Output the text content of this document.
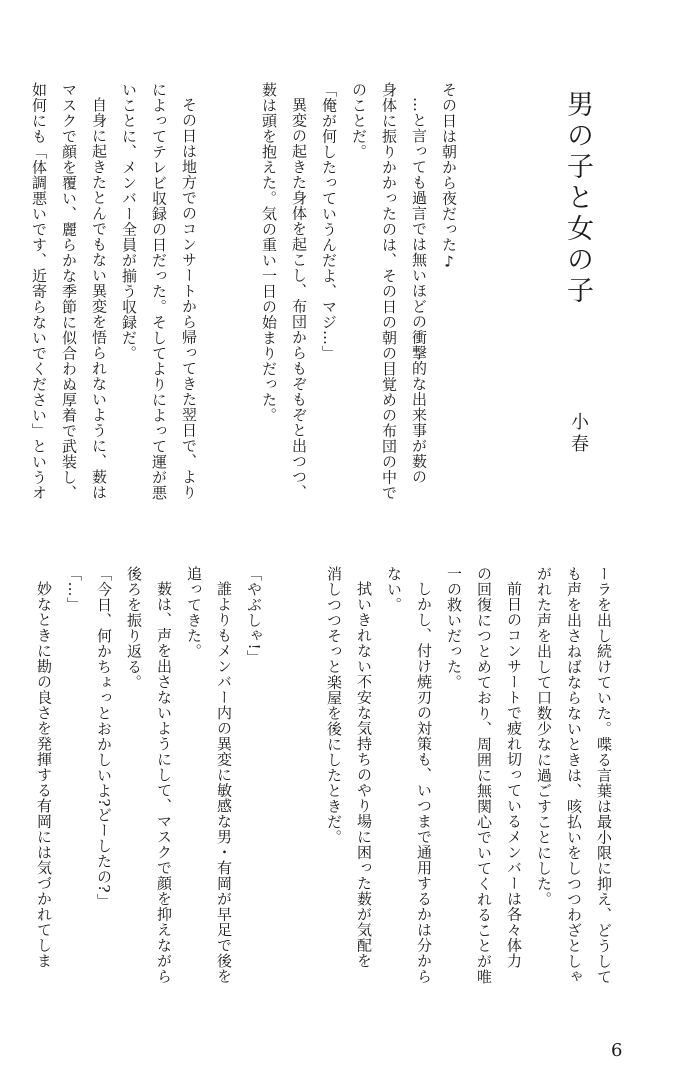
男の子と女の子
小春
その日は朝から夜だった♪
…と言っても過言では無いほどの衝撃的な出来事が薮の
身体に振りかかったのは、その日の朝の目覚めの布団の中で
のことだ。
「俺が何したっていうんだよ、マジ…」
異変の起きた身体を起こし、布団からもぞもぞと出つつ、
薮は頭を抱えた。気の重い一日の始まりだった。
その日は地方でのコンサートから帰ってきた翌日で、より
によってテレビ収録の日だった。そしてよりによって運が悪
いことに、メンバー全員が揃う収録だ。
自身に起きたとんでもない異変を悟られないように、薮は
マスクで顔を覆い、麗らかな季節に似合わぬ厚着で武装し、
如何にも「体調悪いです、近寄らないでください」というオ
ーラを出し続けていた。喋る言葉は最小限に抑え、どうして
も声を出さねばならないときは、咳払いをしつつわざとしゃ
がれた声を出して口数少なに過ごすことにした。
前日のコンサートで疲れ切っているメンバーは各々体力
の回復につとめており、周囲に無関心でいてくれることが唯
一の救いだった。
しかし、付け焼刃の対策も、いつまで通用するかは分から
ない。
拭いきれない不安な気持ちのやり場に困った薮が気配を
消しつつそっと楽屋を後にしたときだ。
「やぶしゃ!」
誰よりもメンバー内の異変に敏感な男・有岡が早足で後を
追ってきた。
薮は、声を出さないようにして、マスクで顔を抑えながら
後ろを振り返る。
「今日、何かちょっとおかしいよ?どーしたの?」
「…」
妙なときに勘の良さを発揮する有岡には気づかれてしま
6
